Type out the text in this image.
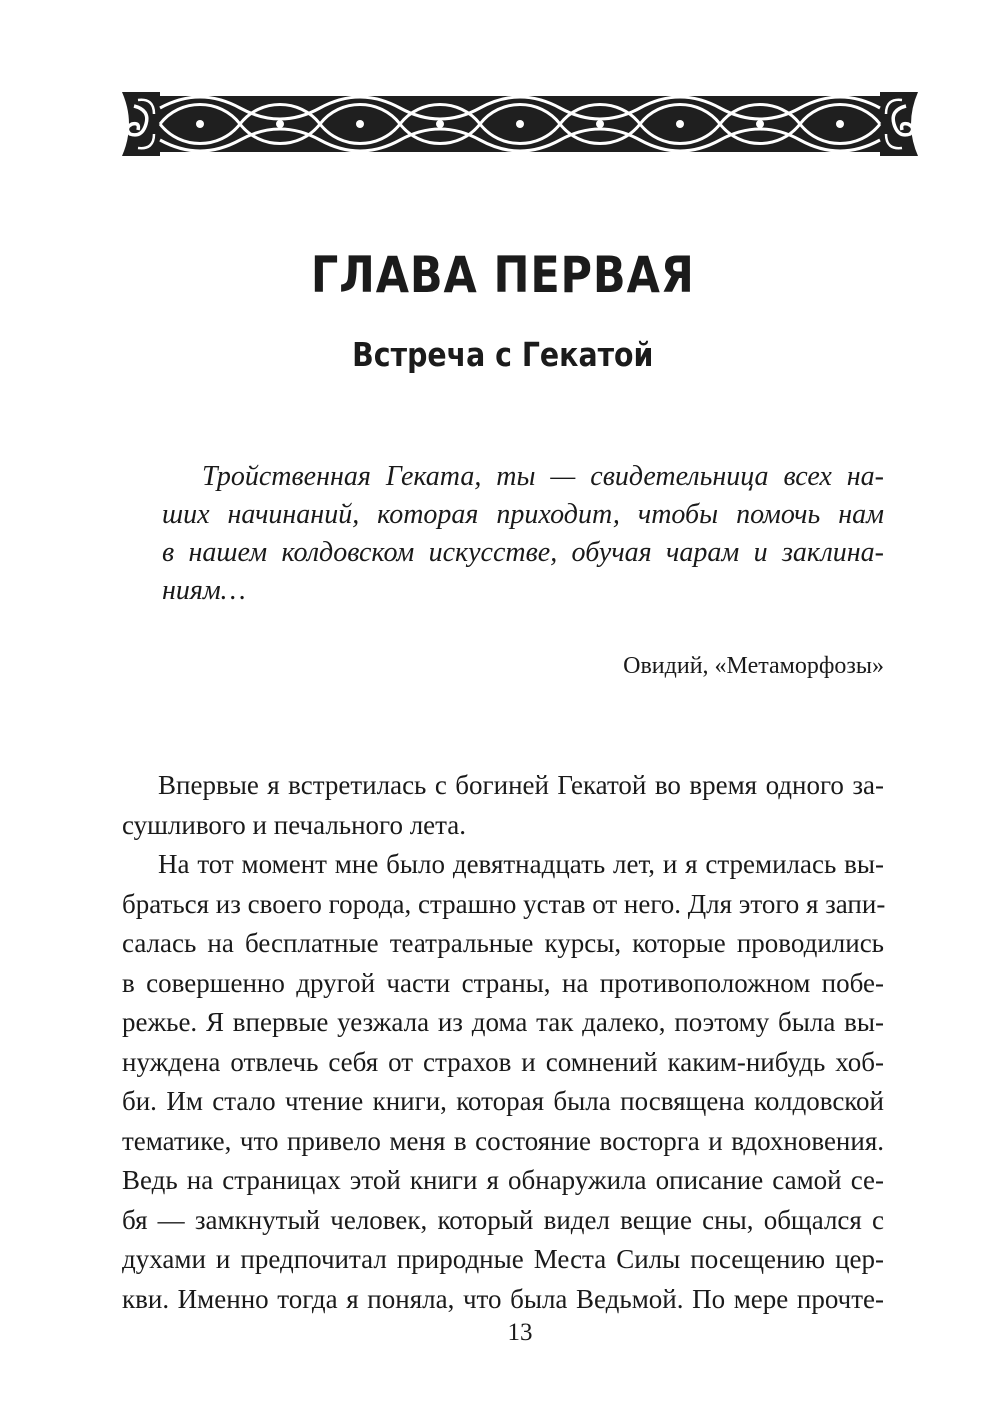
ГЛАВА ПЕРВАЯ
Встреча с Гекатой
Тройственная Геката, ты — свидетельница всех на-
ших начинаний, которая приходит, чтобы помочь нам
в нашем колдовском искусстве, обучая чарам и заклина-
ниям…
Овидий, «Метаморфозы»
Впервые я встретилась с богиней Гекатой во время одного за-
сушливого и печального лета.
На тот момент мне было девятнадцать лет, и я стремилась вы-
браться из своего города, страшно устав от него. Для этого я запи-
салась на бесплатные театральные курсы, которые проводились
в совершенно другой части страны, на противоположном побе-
режье. Я впервые уезжала из дома так далеко, поэтому была вы-
нуждена отвлечь себя от страхов и сомнений каким-нибудь хоб-
би. Им стало чтение книги, которая была посвящена колдовской
тематике, что привело меня в состояние восторга и вдохновения.
Ведь на страницах этой книги я обнаружила описание самой се-
бя — замкнутый человек, который видел вещие сны, общался с
духами и предпочитал природные Места Силы посещению цер-
кви. Именно тогда я поняла, что была Ведьмой. По мере прочте-
13
